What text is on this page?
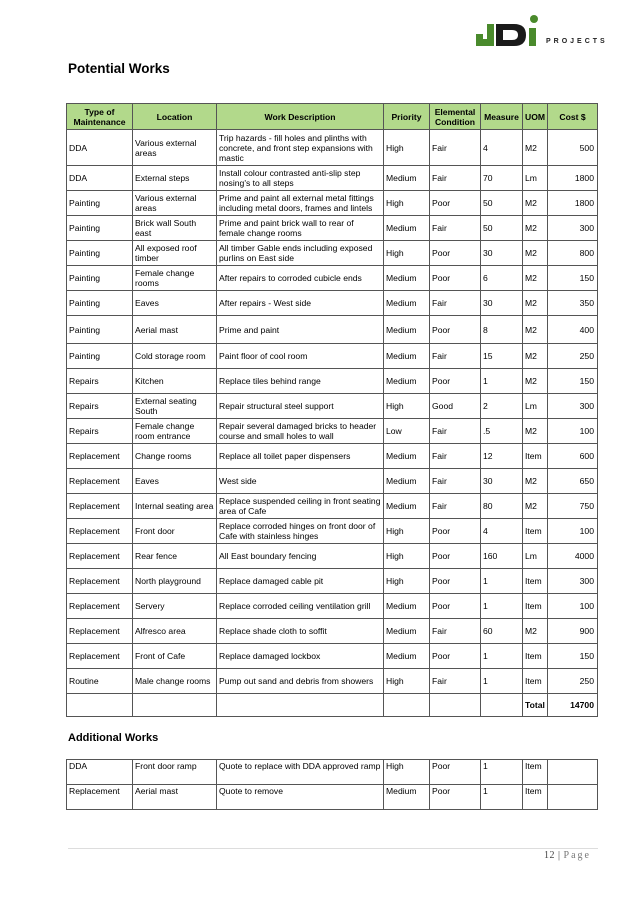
PROJECTS
Potential Works
Type of Maintenance	Location	Work Description	Priority	Elemental Condition	Measure	UOM	Cost $
DDA	Various external areas	Trip hazards - fill holes and plinths with concrete, and front step expansions with mastic	High	Fair	4	M2	500
DDA	External steps	Install colour contrasted anti-slip step nosing's to all steps	Medium	Fair	70	Lm	1800
Painting	Various external areas	Prime and paint all external metal fittings including metal doors, frames and lintels	High	Poor	50	M2	1800
Painting	Brick wall South east	Prime and paint brick wall to rear of female change rooms	Medium	Fair	50	M2	300
Painting	All exposed roof timber	All timber Gable ends including exposed purlins on East side	High	Poor	30	M2	800
Painting	Female change rooms	After repairs to corroded cubicle ends	Medium	Poor	6	M2	150
Painting	Eaves	After repairs - West side	Medium	Fair	30	M2	350
Painting	Aerial mast	Prime and paint	Medium	Poor	8	M2	400
Painting	Cold storage room	Paint floor of cool room	Medium	Fair	15	M2	250
Repairs	Kitchen	Replace tiles behind range	Medium	Poor	1	M2	150
Repairs	External seating South	Repair structural steel support	High	Good	2	Lm	300
Repairs	Female change room entrance	Repair several damaged bricks to header course and small holes to wall	Low	Fair	.5	M2	100
Replacement	Change rooms	Replace all toilet paper dispensers	Medium	Fair	12	Item	600
Replacement	Eaves	West side	Medium	Fair	30	M2	650
Replacement	Internal seating area	Replace suspended ceiling in front seating area of Cafe	Medium	Fair	80	M2	750
Replacement	Front door	Replace corroded hinges on front door of Cafe with stainless hinges	High	Poor	4	Item	100
Replacement	Rear fence	All East boundary fencing	High	Poor	160	Lm	4000
Replacement	North playground	Replace damaged cable pit	High	Poor	1	Item	300
Replacement	Servery	Replace corroded ceiling ventilation grill	Medium	Poor	1	Item	100
Replacement	Alfresco area	Replace shade cloth to soffit	Medium	Fair	60	M2	900
Replacement	Front of Cafe	Replace damaged lockbox	Medium	Poor	1	Item	150
Routine	Male change rooms	Pump out sand and debris from showers	High	Fair	1	Item	250
						Total	14700
Additional Works
DDA	Front door ramp	Quote to replace with DDA approved ramp	High	Poor	1	Item	
Replacement	Aerial mast	Quote to remove	Medium	Poor	1	Item	
12 | Page
